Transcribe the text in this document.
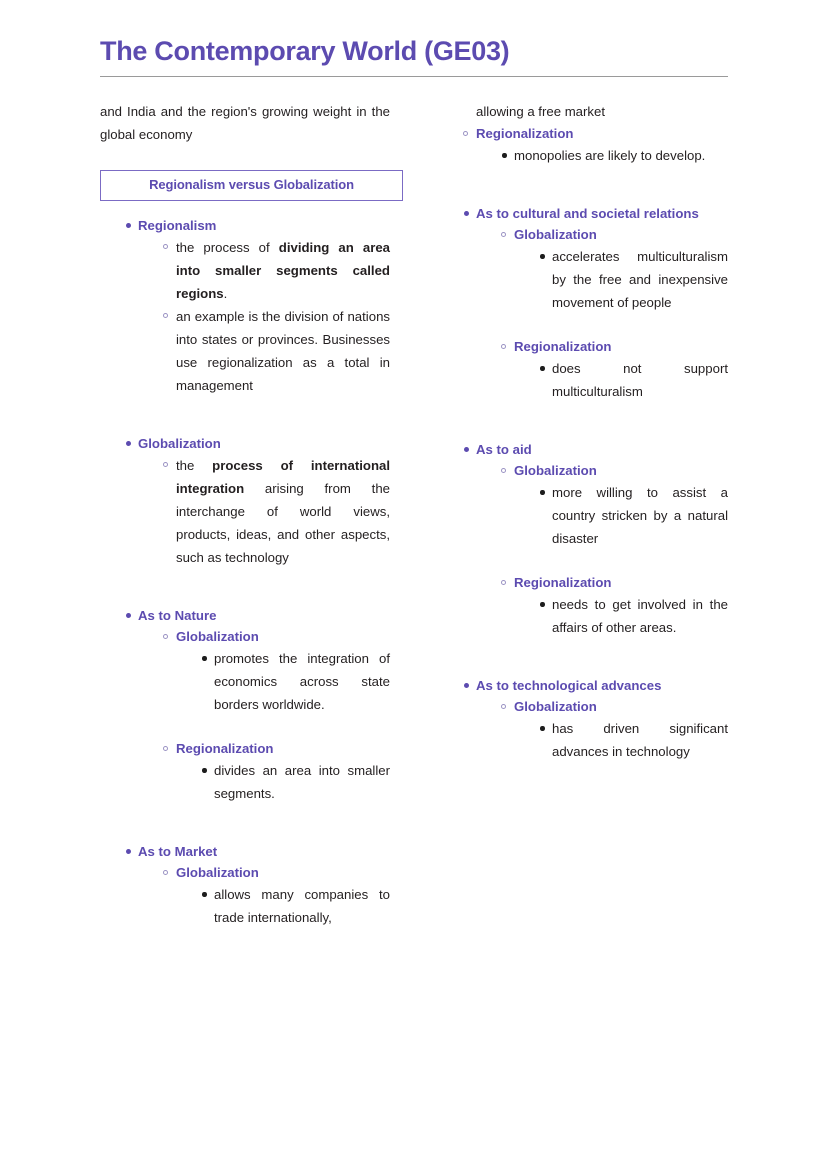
The Contemporary World (GE03)

and India and the region's growing weight in the global economy

Regionalism versus Globalization
Regionalism
the process of dividing an area into smaller segments called regions.
an example is the division of nations into states or provinces. Businesses use regionalization as a total in management
Globalization
the process of international integration arising from the interchange of world views, products, ideas, and other aspects, such as technology
As to Nature
Globalization
promotes the integration of economics across state borders worldwide.
Regionalization
divides an area into smaller segments.
As to Market
Globalization
allows many companies to trade internationally,
allowing a free market
Regionalization
monopolies are likely to develop.
As to cultural and societal relations
Globalization
accelerates multiculturalism by the free and inexpensive movement of people
Regionalization
does not support multiculturalism
As to aid
Globalization
more willing to assist a country stricken by a natural disaster
Regionalization
needs to get involved in the affairs of other areas.
As to technological advances
Globalization
has driven significant advances in technology
